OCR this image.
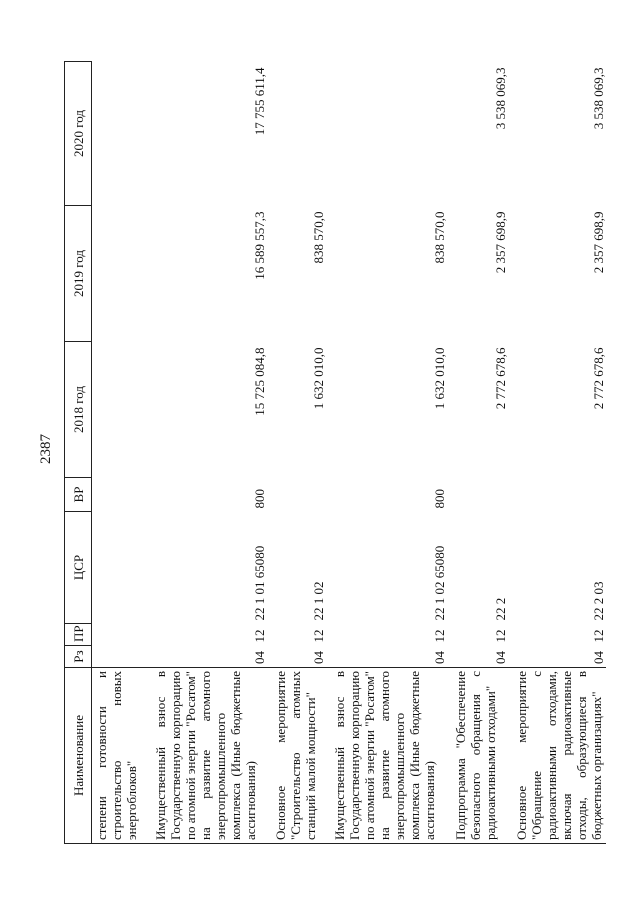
2387
Наименование	Рз	ПР	ЦСР	ВР	2018 год	2019 год	2020 год
степени готовности и строительство новых энергоблоков"							
Имущественный взнос в Государственную корпорацию по атомной энергии "Росатом" на развитие атомного энергопромышленного комплекса (Иные бюджетные ассигнования)	04	12	22 1 01 65080	800	15 725 084,8	16 589 557,3	17 755 611,4
Основное мероприятие "Строительство атомных станций малой мощности"	04	12	22 1 02		1 632 010,0	838 570,0	
Имущественный взнос в Государственную корпорацию по атомной энергии "Росатом" на развитие атомного энергопромышленного комплекса (Иные бюджетные ассигнования)	04	12	22 1 02 65080	800	1 632 010,0	838 570,0	
Подпрограмма "Обеспечение безопасного обращения с радиоактивными отходами"	04	12	22 2		2 772 678,6	2 357 698,9	3 538 069,3
Основное мероприятие "Обращение с радиоактивными отходами, включая радиоактивные отходы, образующиеся в бюджетных организациях"	04	12	22 2 03		2 772 678,6	2 357 698,9	3 538 069,3
